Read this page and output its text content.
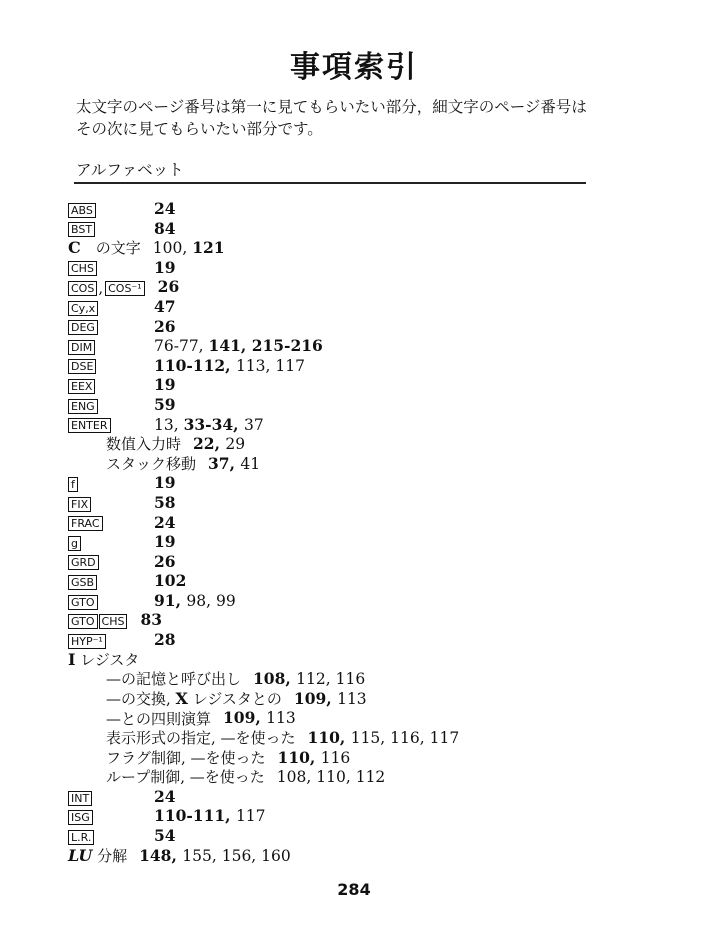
事項索引
太文字のページ番号は第一に見てもらいたい部分，細文字のページ番号はその次に見てもらいたい部分です。
アルファベット
ABS	24
BST	84
C　の文字 100, 121
CHS	19
COS , COS⁻¹ 26
Cy,x	47
DEG	26
DIM	76-77, 141, 215-216
DSE	110-112, 113, 117
EEX	19
ENG	59
ENTER	13, 33-34, 37
数值入力時 22, 29
スタック移動 37, 41
f	19
FIX	58
FRAC	24
g	19
GRD	26
GSB	102
GTO	91, 98, 99
GTO CHS 83
HYP⁻¹	28
I レジスタ
—の記憶と呼び出し 108, 112, 116
—の交換, X レジスタとの 109, 113
—との四則演算 109, 113
表示形式の指定, —を使った 110, 115, 116, 117
フラグ制御, —を使った 110, 116
ループ制御, —を使った 108, 110, 112
INT	24
ISG	110-111, 117
L.R.	54
LU 分解 148, 155, 156, 160
284
